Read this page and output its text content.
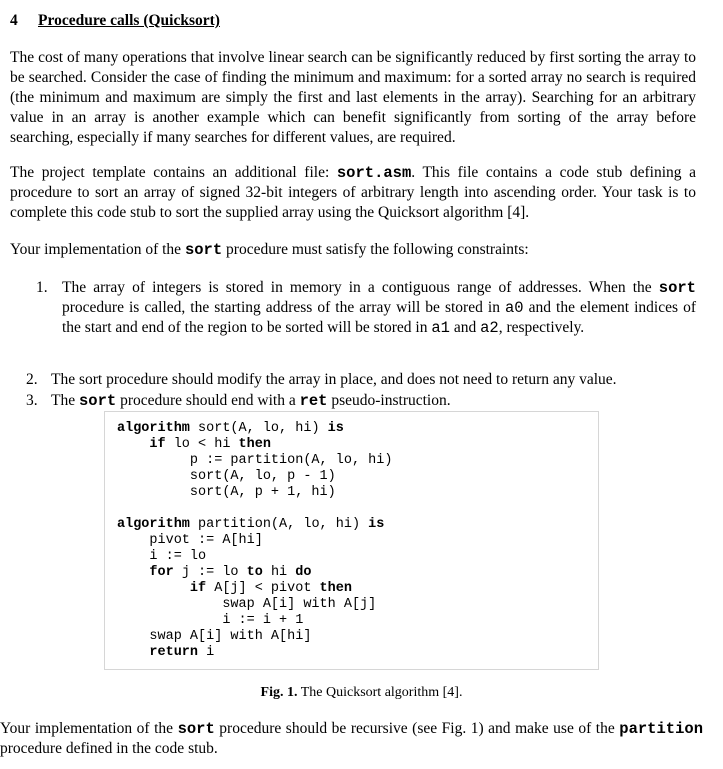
4 Procedure calls (Quicksort)
The cost of many operations that involve linear search can be significantly reduced by first sorting the array to be searched. Consider the case of finding the minimum and maximum: for a sorted array no search is required (the minimum and maximum are simply the first and last elements in the array). Searching for an arbitrary value in an array is another example which can benefit significantly from sorting of the array before searching, especially if many searches for different values, are required.
The project template contains an additional file: sort.asm. This file contains a code stub defining a procedure to sort an array of signed 32-bit integers of arbitrary length into ascending order. Your task is to complete this code stub to sort the supplied array using the Quicksort algorithm [4].
Your implementation of the sort procedure must satisfy the following constraints:
1. The array of integers is stored in memory in a contiguous range of addresses. When the sort procedure is called, the starting address of the array will be stored in a0 and the element indices of the start and end of the region to be sorted will be stored in a1 and a2, respectively.
2. The sort procedure should modify the array in place, and does not need to return any value.
3. The sort procedure should end with a ret pseudo-instruction.
algorithm sort(A, lo, hi) is
if lo < hi then
p := partition(A, lo, hi)
sort(A, lo, p - 1)
sort(A, p + 1, hi)
algorithm partition(A, lo, hi) is
pivot := A[hi]
i := lo
for j := lo to hi do
if A[j] < pivot then
swap A[i] with A[j]
i := i + 1
swap A[i] with A[hi]
return i
Fig. 1. The Quicksort algorithm [4].
Your implementation of the sort procedure should be recursive (see Fig. 1) and make use of the partition procedure defined in the code stub.
